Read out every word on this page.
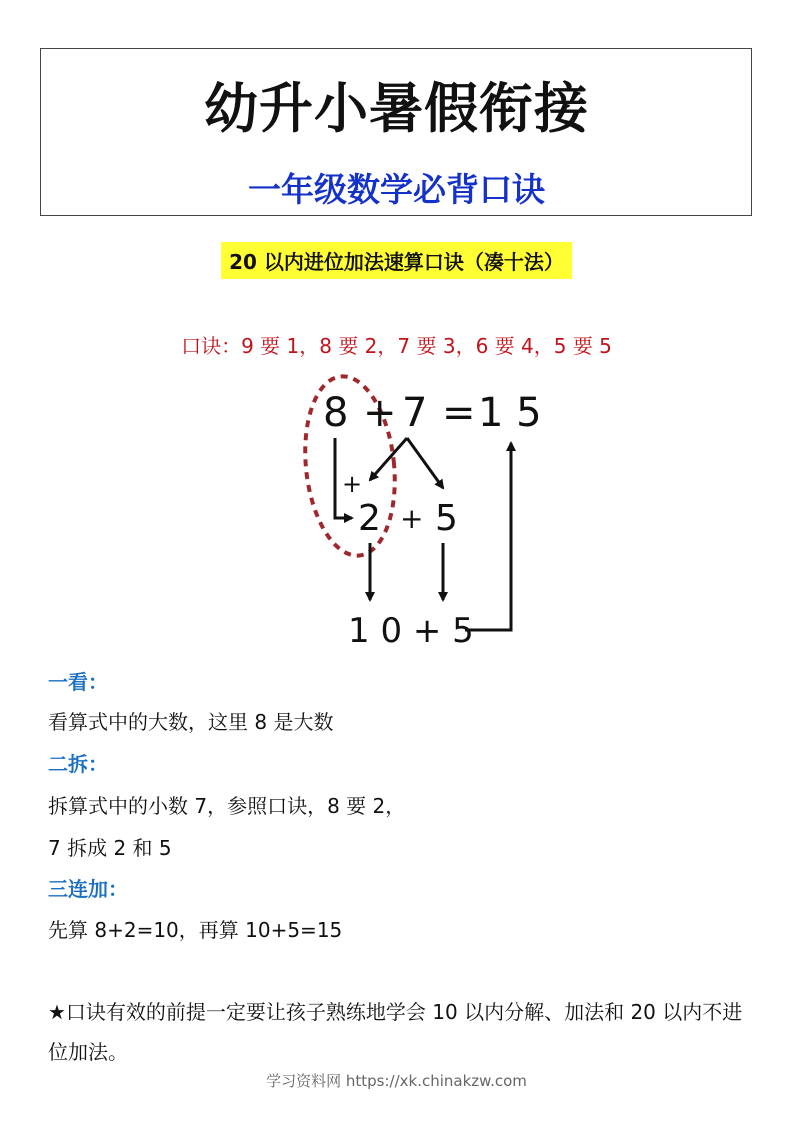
幼升小暑假衔接
一年级数学必背口诀
20 以内进位加法速算口诀（凑十法）
口诀：9 要 1，8 要 2，7 要 3，6 要 4，5 要 5
8 + 7 = 1 5
+
2 + 5
1 0 + 5
一看：
看算式中的大数，这里 8 是大数
二拆：
拆算式中的小数 7，参照口诀，8 要 2，
7 拆成 2 和 5
三连加：
先算 8+2=10，再算 10+5=15
★口诀有效的前提一定要让孩子熟练地学会 10 以内分解、加法和 20 以内不进位加法。
学习资料网 https://xk.chinakzw.com
